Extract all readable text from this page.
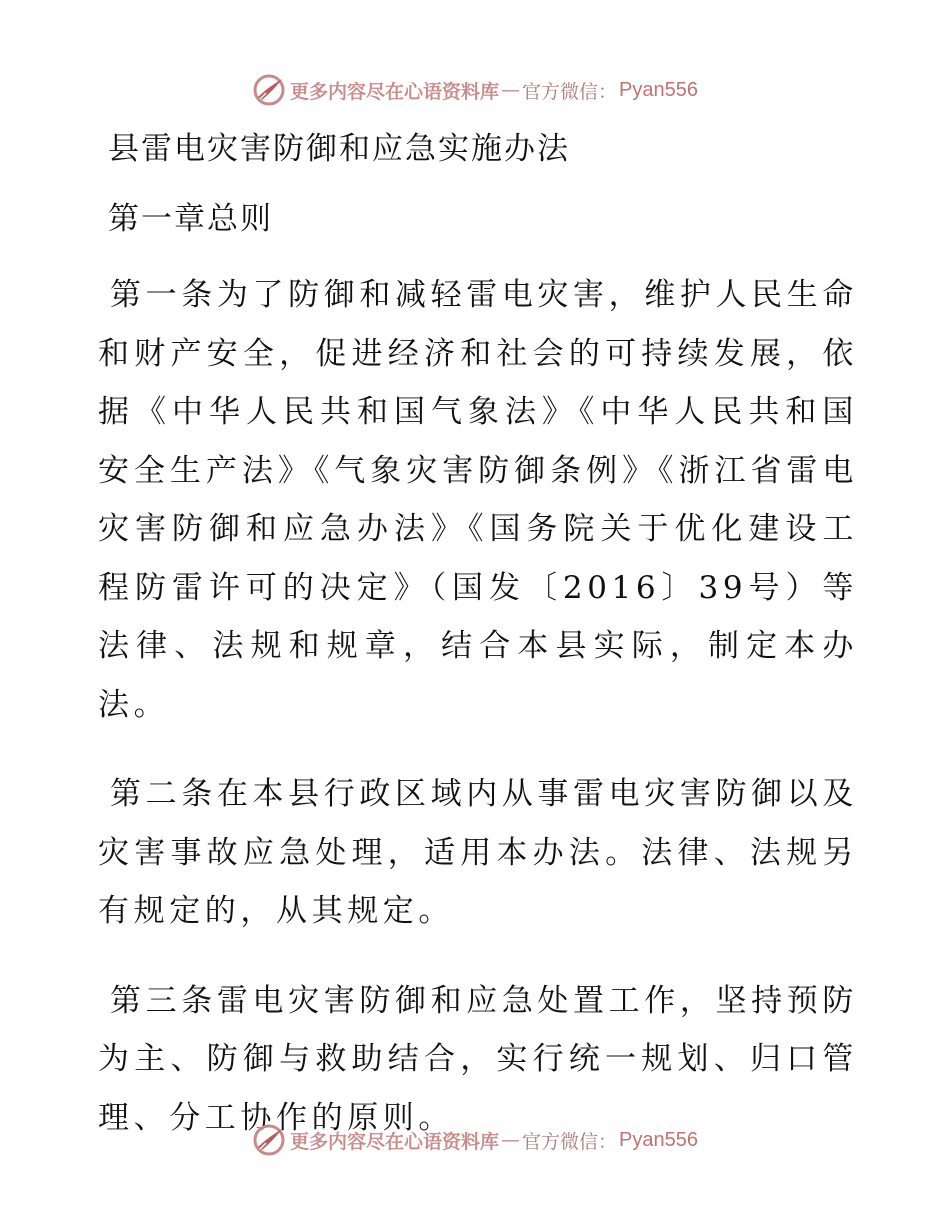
更多内容尽在心语资料库 — 官方微信： Pyan556
县雷电灾害防御和应急实施办法
第一章总则

第一条为了防御和减轻雷电灾害，维护人民生命和财产安全，促进经济和社会的可持续发展，依据《中华人民共和国气象法》《中华人民共和国安全生产法》《气象灾害防御条例》《浙江省雷电灾害防御和应急办法》《国务院关于优化建设工程防雷许可的决定》（国发〔2016〕39号）等法律、法规和规章，结合本县实际，制定本办法。

第二条在本县行政区域内从事雷电灾害防御以及灾害事故应急处理，适用本办法。法律、法规另有规定的，从其规定。

第三条雷电灾害防御和应急处置工作，坚持预防为主、防御与救助结合，实行统一规划、归口管理、分工协作的原则。

更多内容尽在心语资料库 — 官方微信： Pyan556
